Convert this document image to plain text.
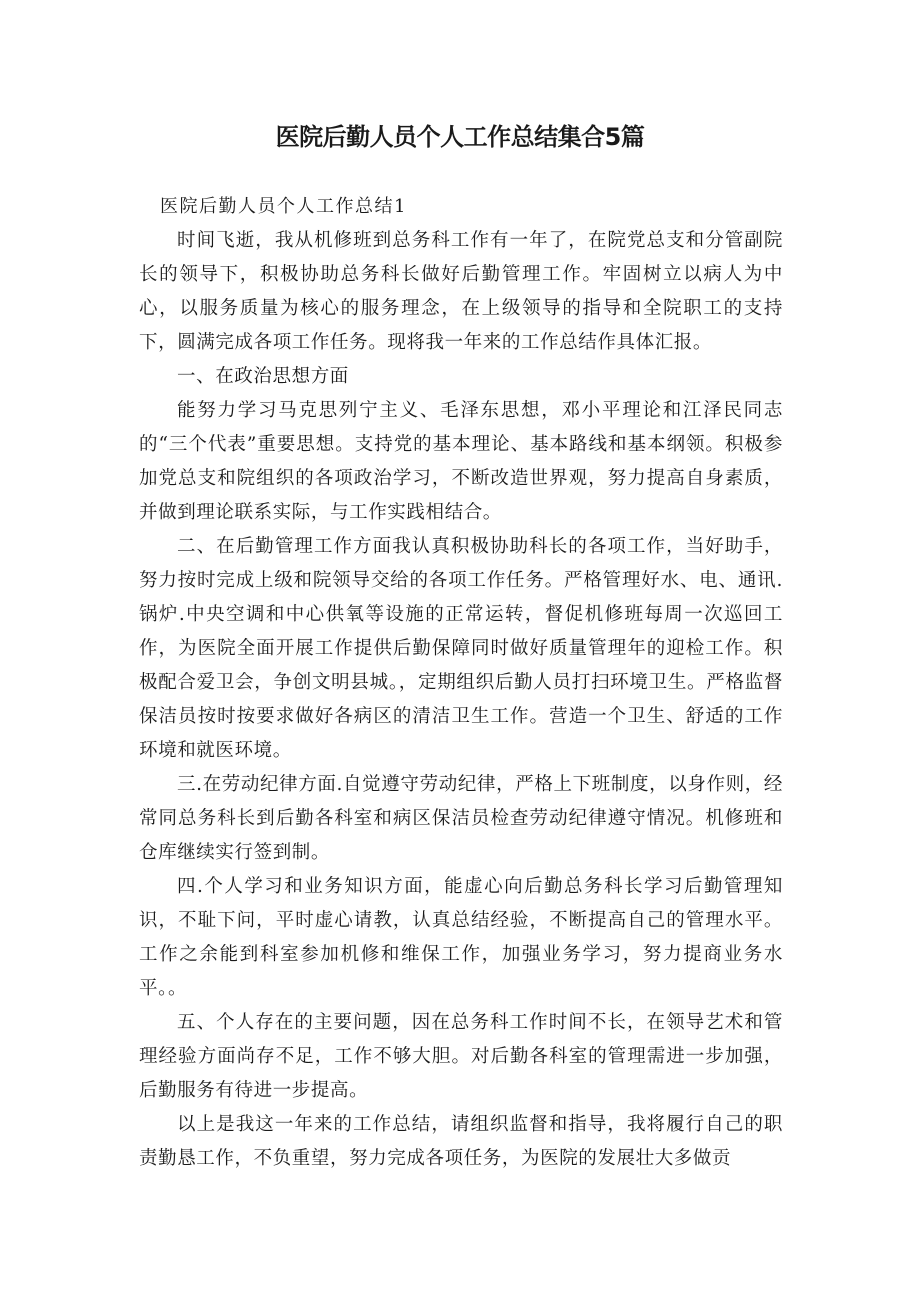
医院后勤人员个人工作总结集合5篇

医院后勤人员个人工作总结1

时间飞逝，我从机修班到总务科工作有一年了，在院党总支和分管副院长的领导下，积极协助总务科长做好后勤管理工作。牢固树立以病人为中心，以服务质量为核心的服务理念，在上级领导的指导和全院职工的支持下，圆满完成各项工作任务。现将我一年来的工作总结作具体汇报。

一、在政治思想方面

能努力学习马克思列宁主义、毛泽东思想，邓小平理论和江泽民同志的“三个代表”重要思想。支持党的基本理论、基本路线和基本纲领。积极参加党总支和院组织的各项政治学习，不断改造世界观，努力提高自身素质，并做到理论联系实际，与工作实践相结合。

二、在后勤管理工作方面我认真积极协助科长的各项工作，当好助手，努力按时完成上级和院领导交给的各项工作任务。严格管理好水、电、通讯.锅炉.中央空调和中心供氧等设施的正常运转，督促机修班每周一次巡回工作，为医院全面开展工作提供后勤保障同时做好质量管理年的迎检工作。积极配合爱卫会，争创文明县城。，定期组织后勤人员打扫环境卫生。严格监督保洁员按时按要求做好各病区的清洁卫生工作。营造一个卫生、舒适的工作环境和就医环境。

三.在劳动纪律方面.自觉遵守劳动纪律，严格上下班制度，以身作则，经常同总务科长到后勤各科室和病区保洁员检查劳动纪律遵守情况。机修班和仓库继续实行签到制。

四.个人学习和业务知识方面，能虚心向后勤总务科长学习后勤管理知识，不耻下问，平时虚心请教，认真总结经验，不断提高自己的管理水平。工作之余能到科室参加机修和维保工作，加强业务学习，努力提商业务水平。。

五、个人存在的主要问题，因在总务科工作时间不长，在领导艺术和管理经验方面尚存不足，工作不够大胆。对后勤各科室的管理需进一步加强，后勤服务有待进一步提高。

以上是我这一年来的工作总结，请组织监督和指导，我将履行自己的职责勤恳工作，不负重望，努力完成各项任务，为医院的发展壮大多做贡
